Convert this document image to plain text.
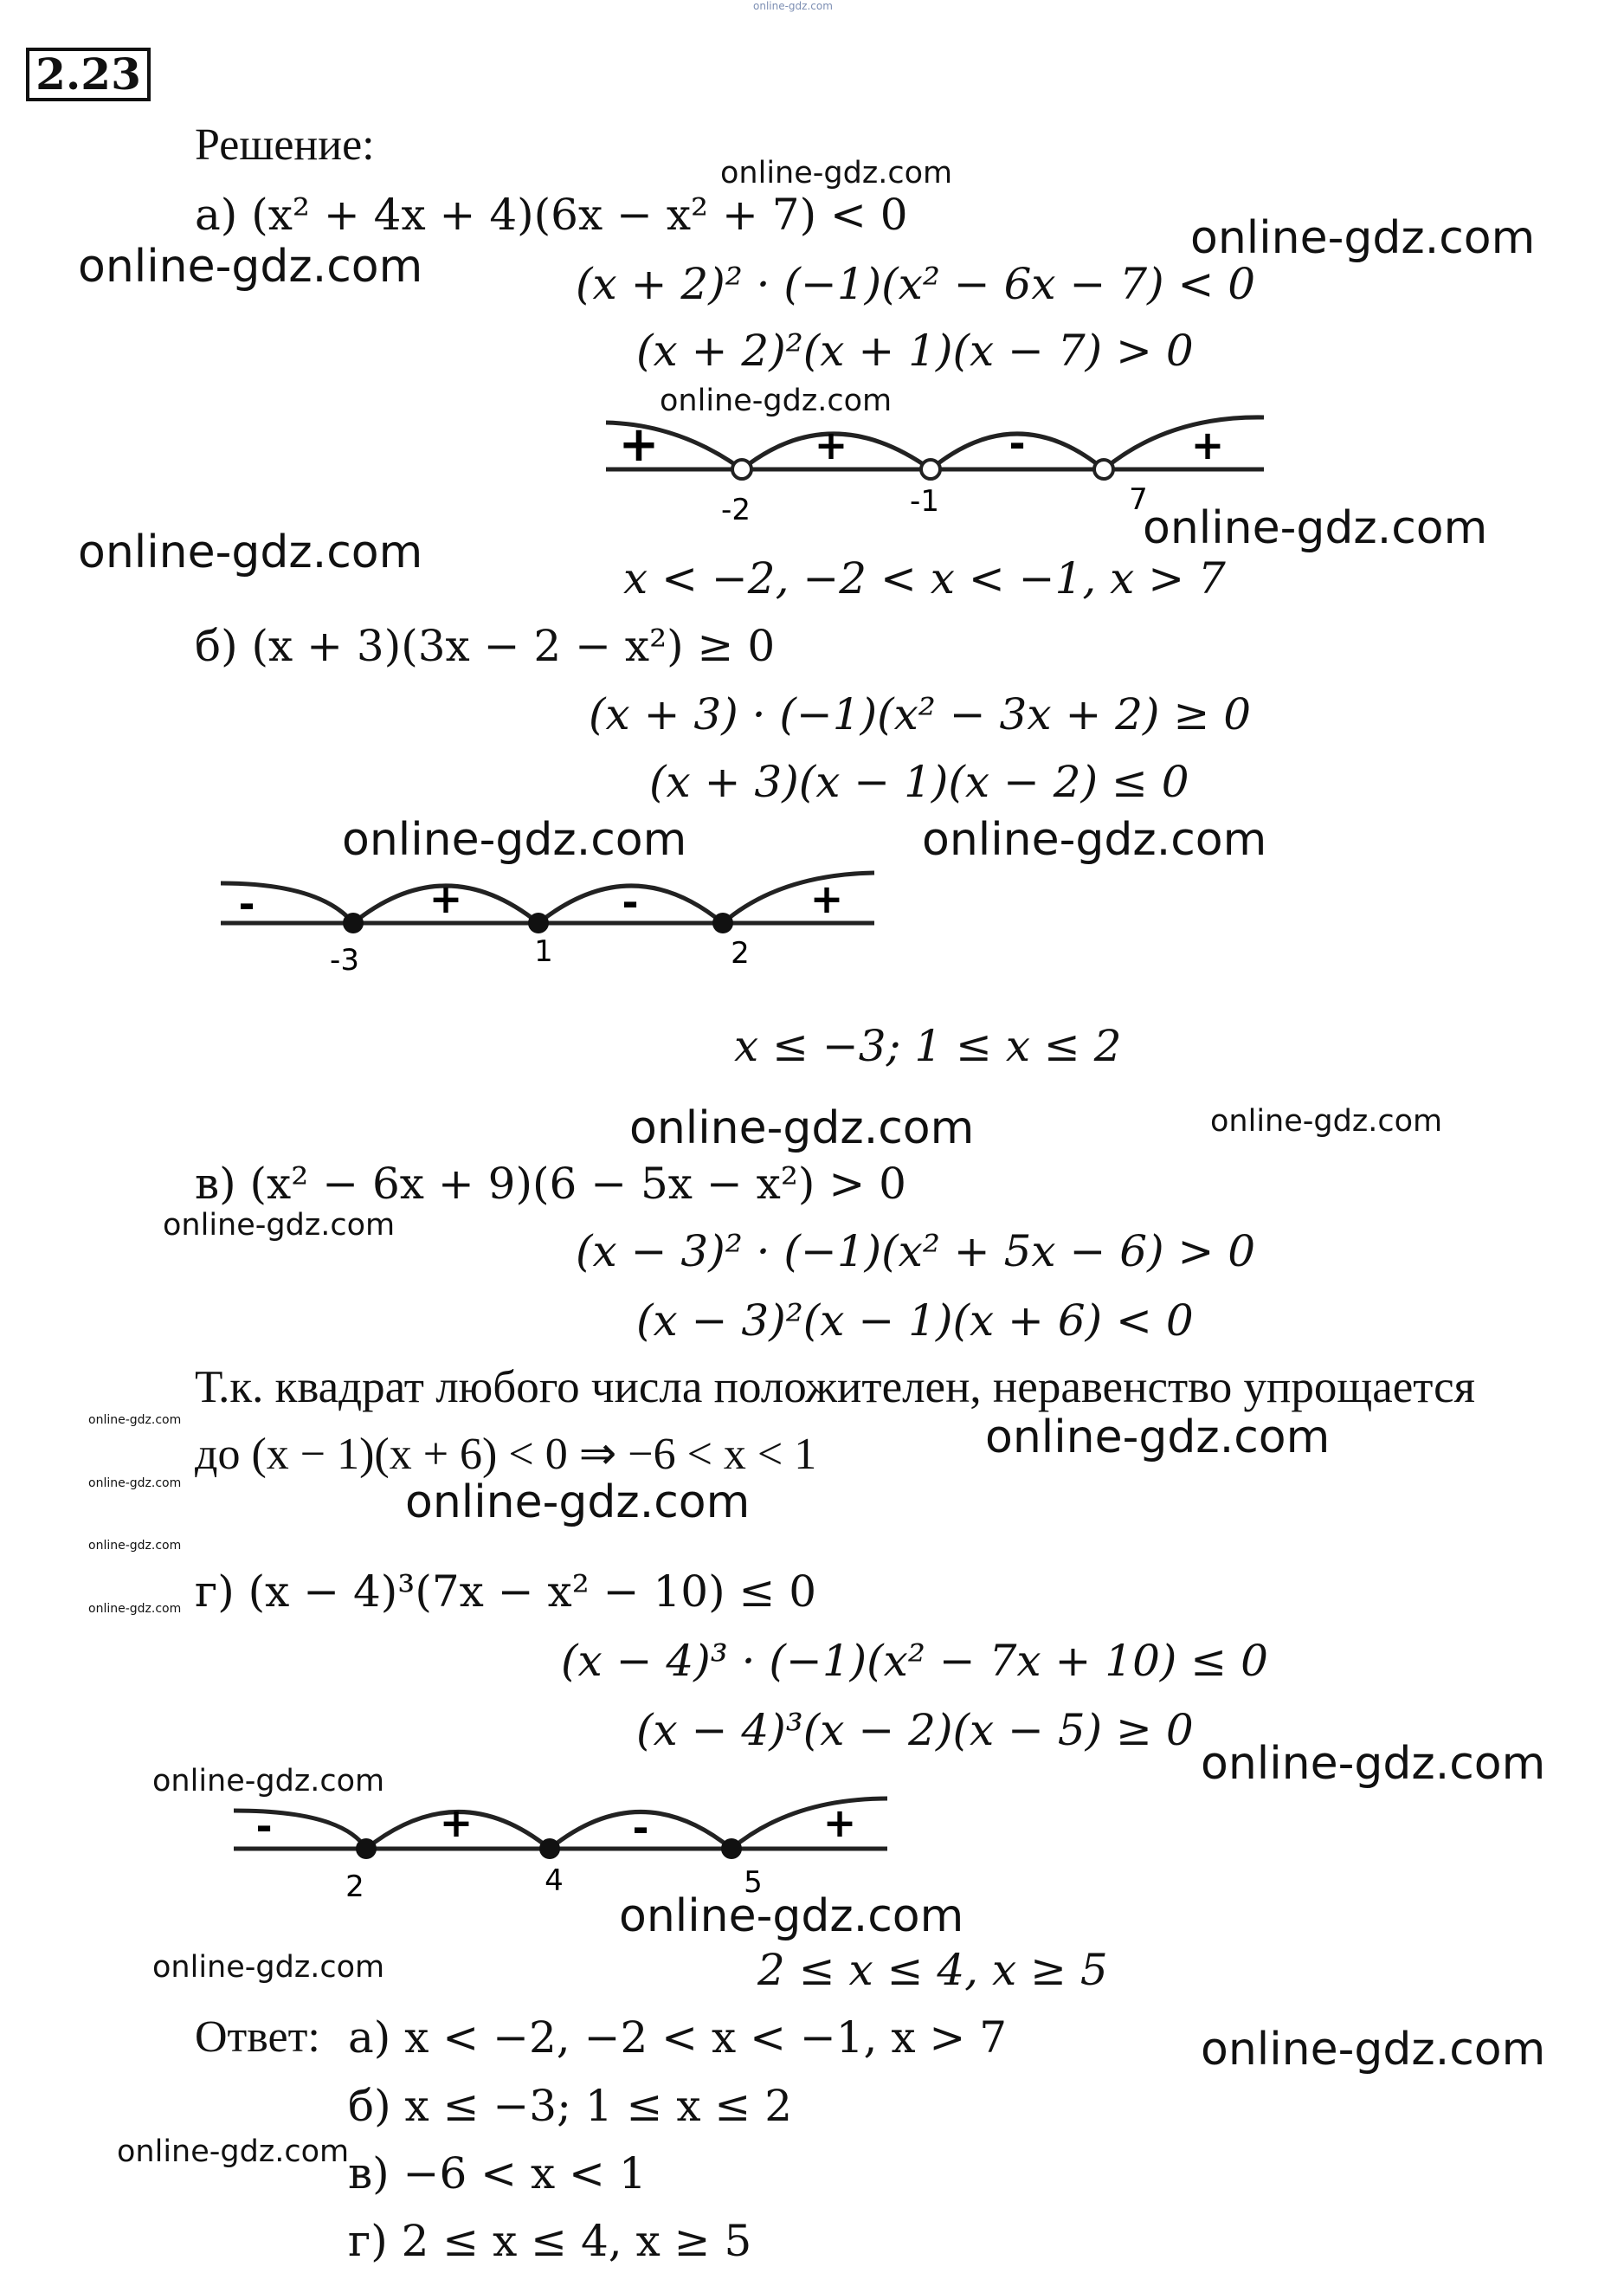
online-gdz.com
2.23
Решение:
а) (x² + 4x + 4)(6x − x² + 7) < 0
(x + 2)² · (−1)(x² − 6x − 7) < 0
(x + 2)²(x + 1)(x − 7) > 0
+	+	-	+
-2	-1	7
x < −2, −2 < x < −1, x > 7
б) (x + 3)(3x − 2 − x²) ≥ 0
(x + 3) · (−1)(x² − 3x + 2) ≥ 0
(x + 3)(x − 1)(x − 2) ≤ 0
-	+	-	+
-3	1	2
x ≤ −3; 1 ≤ x ≤ 2
в) (x² − 6x + 9)(6 − 5x − x²) > 0
(x − 3)² · (−1)(x² + 5x − 6) > 0
(x − 3)²(x − 1)(x + 6) < 0
Т.к. квадрат любого числа положителен, неравенство упрощается
до (x − 1)(x + 6) < 0 ⇒ −6 < x < 1
г) (x − 4)³(7x − x² − 10) ≤ 0
(x − 4)³ · (−1)(x² − 7x + 10) ≤ 0
(x − 4)³(x − 2)(x − 5) ≥ 0
-	+	-	+
2	4	5
2 ≤ x ≤ 4, x ≥ 5
Ответ: а) x < −2, −2 < x < −1, x > 7
б) x ≤ −3; 1 ≤ x ≤ 2
в) −6 < x < 1
г) 2 ≤ x ≤ 4, x ≥ 5
online-gdz.com
online-gdz.com
online-gdz.com
online-gdz.com
online-gdz.com	online-gdz.com
online-gdz.com	online-gdz.com
online-gdz.com	online-gdz.com
online-gdz.com
online-gdz.com
online-gdz.com
online-gdz.com
online-gdz.com
online-gdz.com
online-gdz.com
online-gdz.com	online-gdz.com
online-gdz.com
online-gdz.com
online-gdz.com
online-gdz.com
